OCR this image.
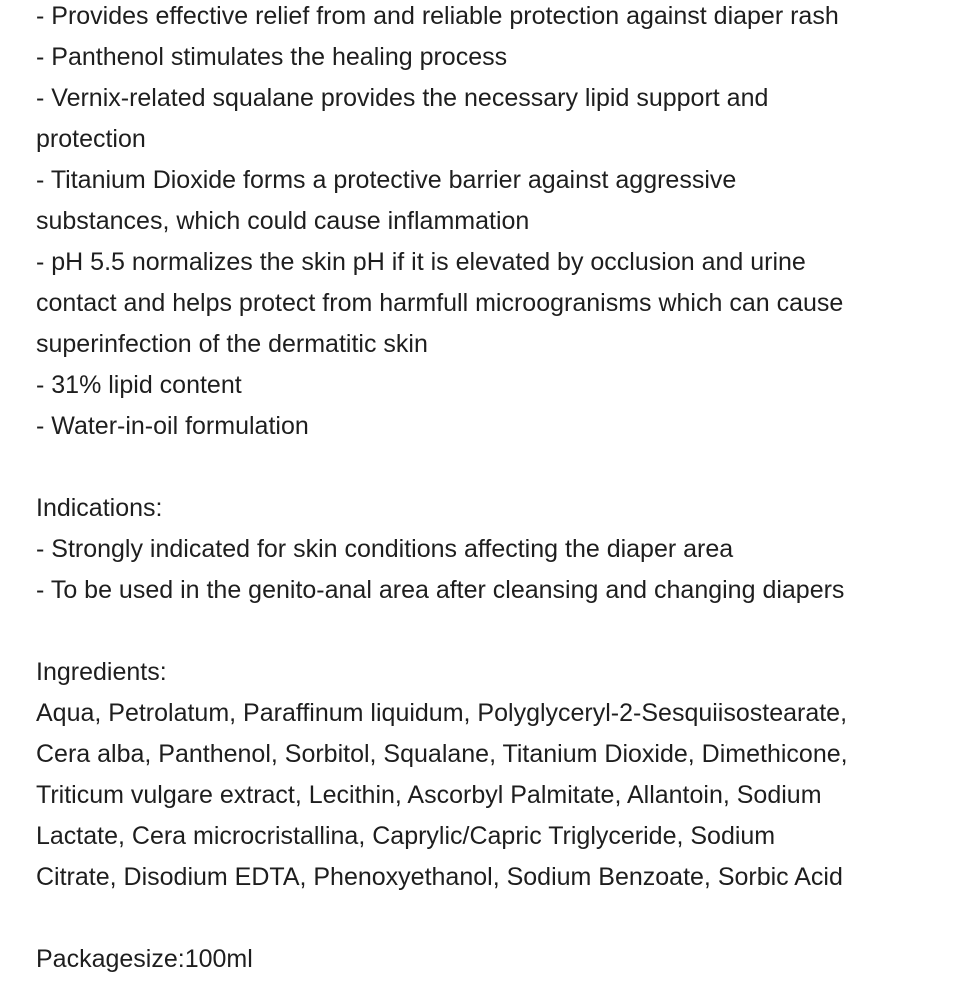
- Provides effective relief from and reliable protection against diaper rash

- Panthenol stimulates the healing process

- Vernix-related squalane provides the necessary lipid support and

protection

- Titanium Dioxide forms a protective barrier against aggressive

substances, which could cause inflammation

- pH 5.5 normalizes the skin pH if it is elevated by occlusion and urine

contact and helps protect from harmfull microogranisms which can cause

superinfection of the dermatitic skin

- 31% lipid content

- Water-in-oil formulation

Indications:

- Strongly indicated for skin conditions affecting the diaper area

- To be used in the genito-anal area after cleansing and changing diapers

Ingredients:

Aqua, Petrolatum, Paraffinum liquidum, Polyglyceryl-2-Sesquiisostearate,

Cera alba, Panthenol, Sorbitol, Squalane, Titanium Dioxide, Dimethicone,

Triticum vulgare extract, Lecithin, Ascorbyl Palmitate, Allantoin, Sodium

Lactate, Cera microcristallina, Caprylic/Capric Triglyceride, Sodium

Citrate, Disodium EDTA, Phenoxyethanol, Sodium Benzoate, Sorbic Acid

Packagesize:100ml
